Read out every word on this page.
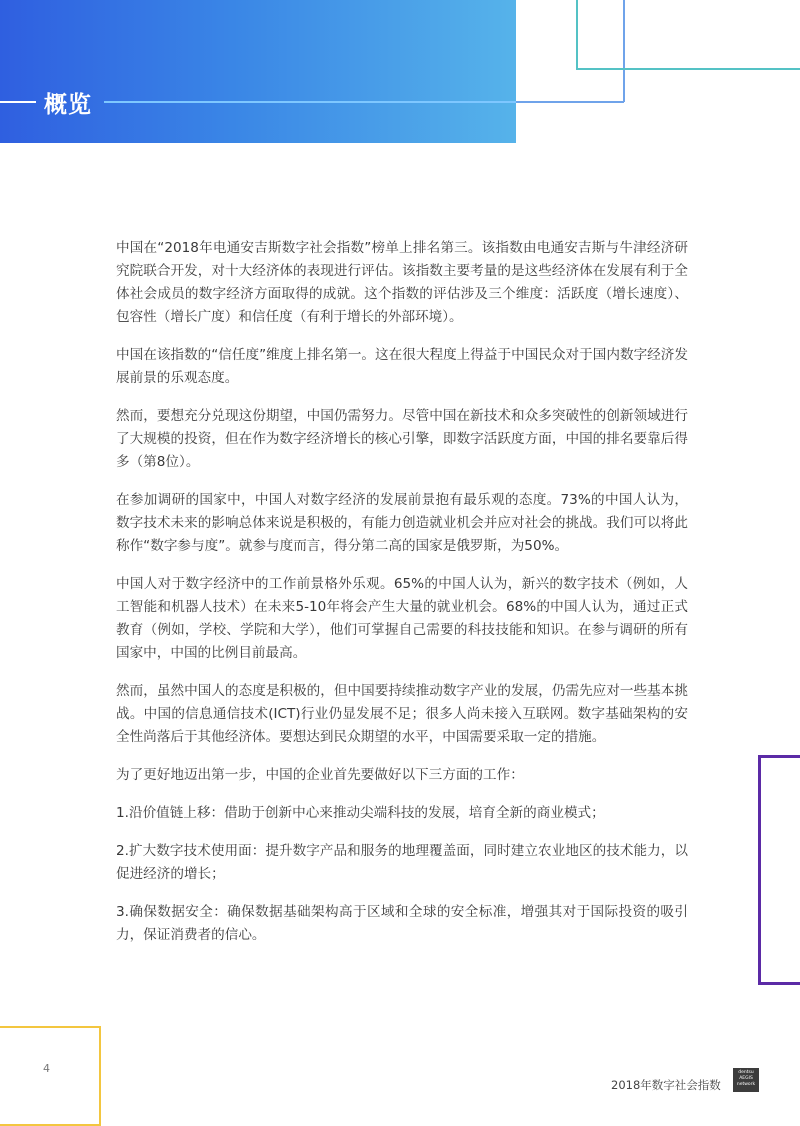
概览

中国在“2018年电通安吉斯数字社会指数”榜单上排名第三。该指数由电通安吉斯与牛津经济研究院联合开发，对十大经济体的表现进行评估。该指数主要考量的是这些经济体在发展有利于全体社会成员的数字经济方面取得的成就。这个指数的评估涉及三个维度：活跃度（增长速度）、包容性（增长广度）和信任度（有利于增长的外部环境）。

中国在该指数的“信任度”维度上排名第一。这在很大程度上得益于中国民众对于国内数字经济发展前景的乐观态度。

然而，要想充分兑现这份期望，中国仍需努力。尽管中国在新技术和众多突破性的创新领域进行了大规模的投资，但在作为数字经济增长的核心引擎，即数字活跃度方面，中国的排名要靠后得多（第8位）。

在参加调研的国家中，中国人对数字经济的发展前景抱有最乐观的态度。73%的中国人认为，数字技术未来的影响总体来说是积极的，有能力创造就业机会并应对社会的挑战。我们可以将此称作“数字参与度”。就参与度而言，得分第二高的国家是俄罗斯，为50%。

中国人对于数字经济中的工作前景格外乐观。65%的中国人认为，新兴的数字技术（例如，人工智能和机器人技术）在未来5-10年将会产生大量的就业机会。68%的中国人认为，通过正式教育（例如，学校、学院和大学），他们可掌握自己需要的科技技能和知识。在参与调研的所有国家中，中国的比例目前最高。

然而，虽然中国人的态度是积极的，但中国要持续推动数字产业的发展，仍需先应对一些基本挑战。中国的信息通信技术(ICT)行业仍显发展不足；很多人尚未接入互联网。数字基础架构的安全性尚落后于其他经济体。要想达到民众期望的水平，中国需要采取一定的措施。

为了更好地迈出第一步，中国的企业首先要做好以下三方面的工作：

1.沿价值链上移：借助于创新中心来推动尖端科技的发展，培育全新的商业模式；

2.扩大数字技术使用面：提升数字产品和服务的地理覆盖面，同时建立农业地区的技术能力，以促进经济的增长；

3.确保数据安全：确保数据基础架构高于区域和全球的安全标准，增强其对于国际投资的吸引力，保证消费者的信心。

4
2018年数字社会指数
dentsu
AEGIS
network
